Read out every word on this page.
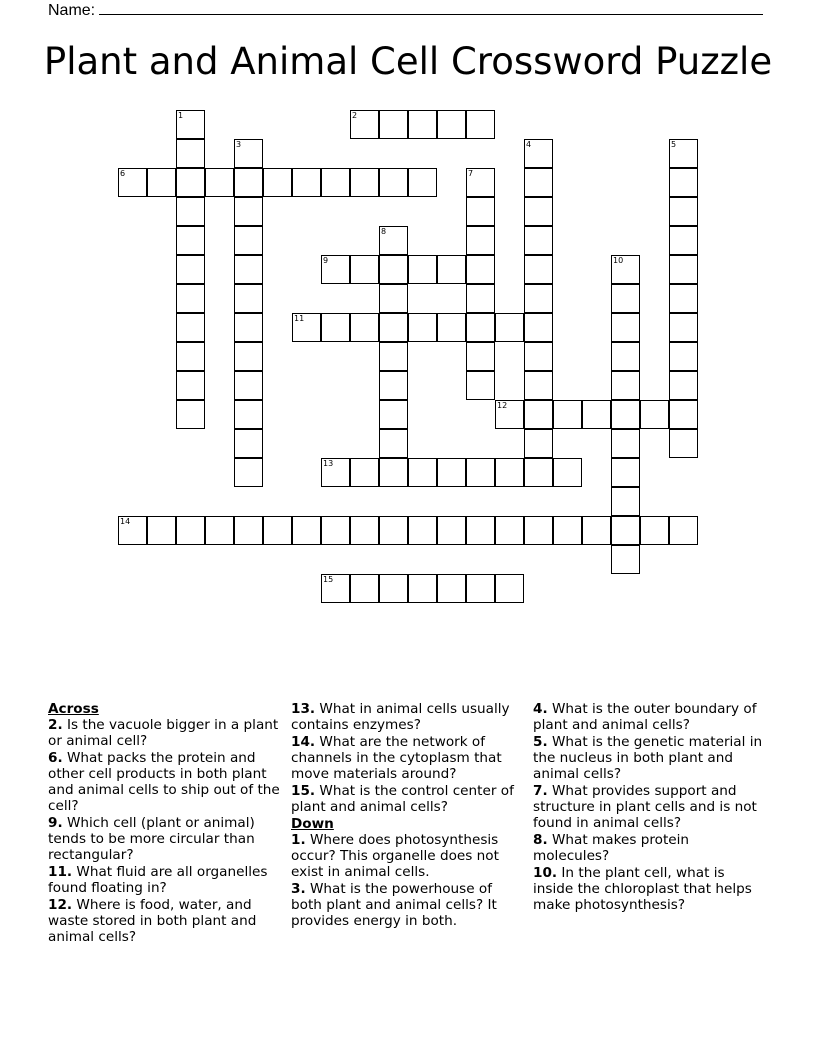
Name:
Plant and Animal Cell Crossword Puzzle
1	2
3	4	5
6	7
8
9	10
11
12
13
14
15
Across
2. Is the vacuole bigger in a plant or animal cell?
6. What packs the protein and other cell products in both plant and animal cells to ship out of the cell?
9. Which cell (plant or animal) tends to be more circular than rectangular?
11. What fluid are all organelles found floating in?
12. Where is food, water, and waste stored in both plant and animal cells?
13. What in animal cells usually contains enzymes?
14. What are the network of channels in the cytoplasm that move materials around?
15. What is the control center of plant and animal cells?
Down
1. Where does photosynthesis occur? This organelle does not exist in animal cells.
3. What is the powerhouse of both plant and animal cells? It provides energy in both.
4. What is the outer boundary of plant and animal cells?
5. What is the genetic material in the nucleus in both plant and animal cells?
7. What provides support and structure in plant cells and is not found in animal cells?
8. What makes protein molecules?
10. In the plant cell, what is inside the chloroplast that helps make photosynthesis?
